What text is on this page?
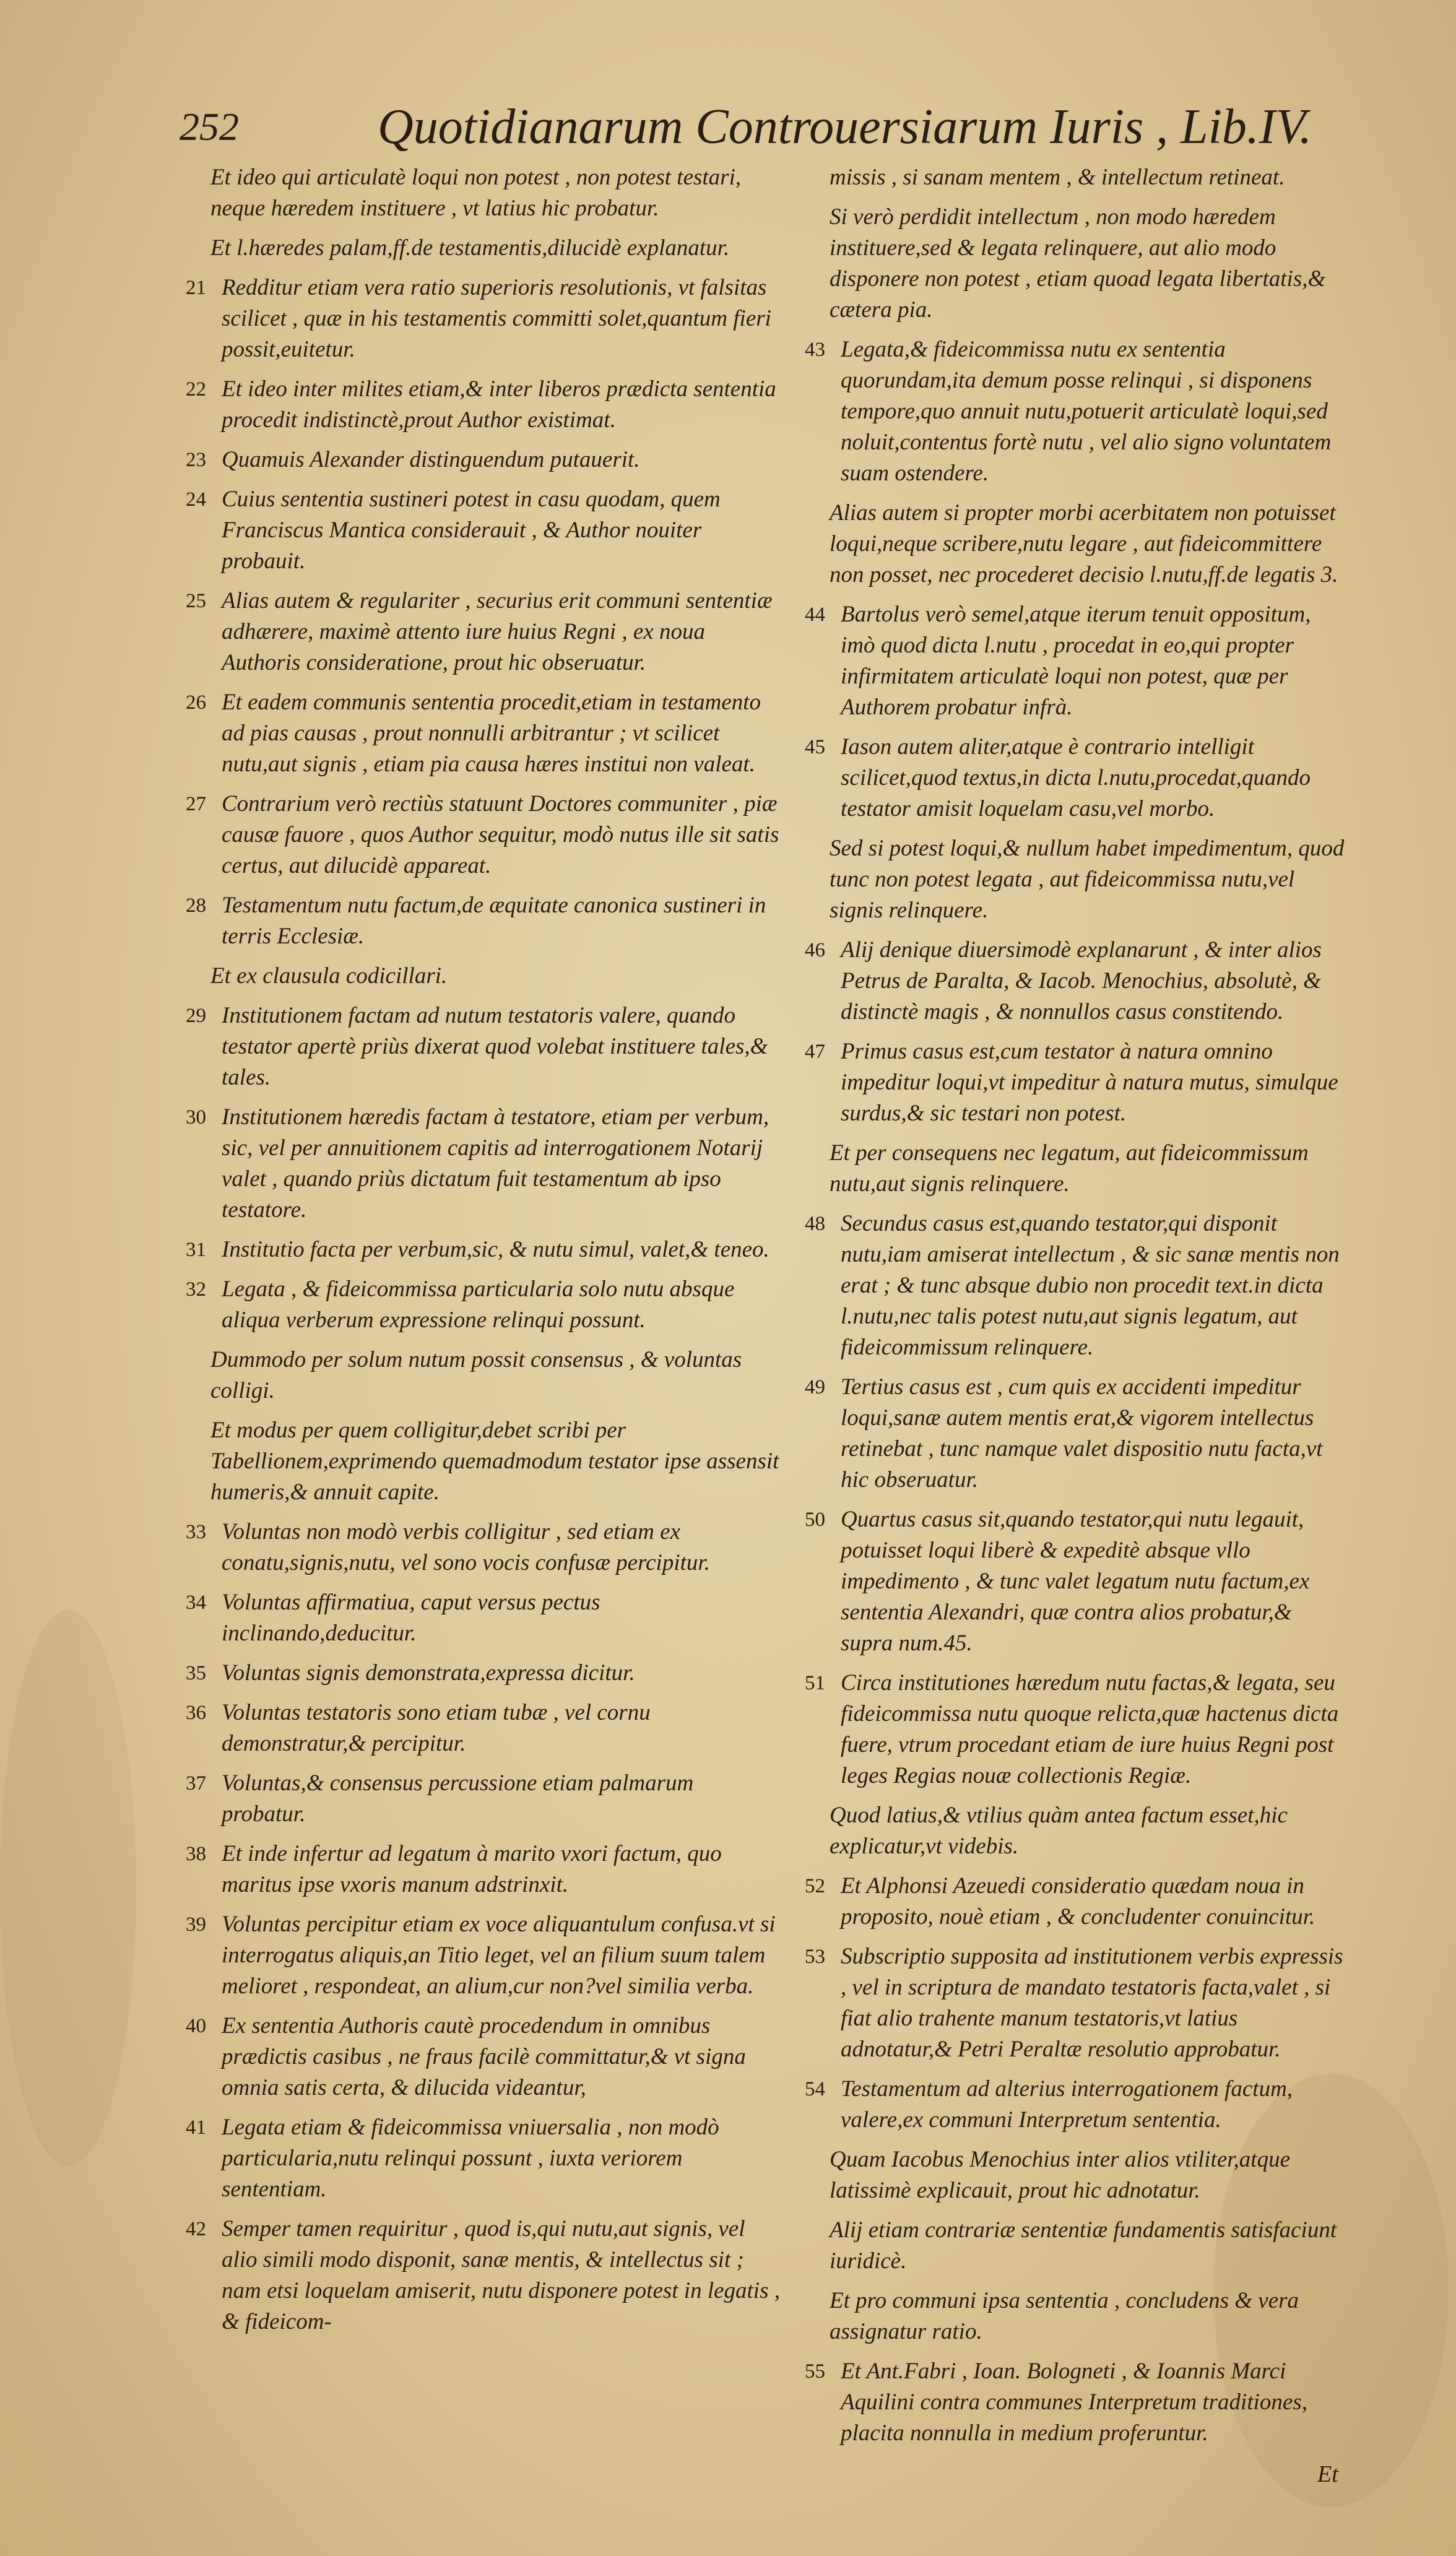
252	Quotidianarum Controuersiarum Iuris , Lib.IV.
Et ideo qui articulatè loqui non potest , non potest testari, neque hæredem instituere , vt latius hic probatur.
Et l.hæredes palam,ff.de testamentis,dilucidè explanatur.
21 Redditur etiam vera ratio superioris resolutionis, vt falsitas scilicet , quæ in his testamentis committi solet,quantum fieri possit,euitetur.
22 Et ideo inter milites etiam,& inter liberos prædicta sententia procedit indistinctè,prout Author existimat.
23 Quamuis Alexander distinguendum putauerit.
24 Cuius sententia sustineri potest in casu quodam, quem Franciscus Mantica considerauit , & Author nouiter probauit.
25 Alias autem & regulariter , securius erit communi sententiæ adhærere, maximè attento iure huius Regni , ex noua Authoris consideratione, prout hic obseruatur.
26 Et eadem communis sententia procedit,etiam in testamento ad pias causas , prout nonnulli arbitrantur ; vt scilicet nutu,aut signis , etiam pia causa hæres institui non valeat.
27 Contrarium verò rectiùs statuunt Doctores communiter , piæ causæ fauore , quos Author sequitur, modò nutus ille sit satis certus, aut dilucidè appareat.
28 Testamentum nutu factum,de æquitate canonica sustineri in terris Ecclesiæ.
Et ex clausula codicillari.
29 Institutionem factam ad nutum testatoris valere, quando testator apertè priùs dixerat quod volebat instituere tales,& tales.
30 Institutionem hæredis factam à testatore, etiam per verbum, sic, vel per annuitionem capitis ad interrogationem Notarij valet , quando priùs dictatum fuit testamentum ab ipso testatore.
31 Institutio facta per verbum,sic, & nutu simul, valet,& teneo.
32 Legata , & fideicommissa particularia solo nutu absque aliqua verberum expressione relinqui possunt.
Dummodo per solum nutum possit consensus , & voluntas colligi.
Et modus per quem colligitur,debet scribi per Tabellionem,exprimendo quemadmodum testator ipse assensit humeris,& annuit capite.
33 Voluntas non modò verbis colligitur , sed etiam ex conatu,signis,nutu, vel sono vocis confusæ percipitur.
34 Voluntas affirmatiua, caput versus pectus inclinando,deducitur.
35 Voluntas signis demonstrata,expressa dicitur.
36 Voluntas testatoris sono etiam tubæ , vel cornu demonstratur,& percipitur.
37 Voluntas,& consensus percussione etiam palmarum probatur.
38 Et inde infertur ad legatum à marito vxori factum, quo maritus ipse vxoris manum adstrinxit.
39 Voluntas percipitur etiam ex voce aliquantulum confusa.vt si interrogatus aliquis,an Titio leget, vel an filium suum talem melioret , respondeat, an alium,cur non?vel similia verba.
40 Ex sententia Authoris cautè procedendum in omnibus prædictis casibus , ne fraus facilè committatur,& vt signa omnia satis certa, & dilucida videantur,
41 Legata etiam & fideicommissa vniuersalia , non modò particularia,nutu relinqui possunt , iuxta veriorem sententiam.
42 Semper tamen requiritur , quod is,qui nutu,aut signis, vel alio simili modo disponit, sanæ mentis, & intellectus sit ; nam etsi loquelam amiserit, nutu disponere potest in legatis , & fideicom-
missis , si sanam mentem , & intellectum retineat.
Si verò perdidit intellectum , non modo hæredem instituere,sed & legata relinquere, aut alio modo disponere non potest , etiam quoad legata libertatis,& cætera pia.
43 Legata,& fideicommissa nutu ex sententia quorundam,ita demum posse relinqui , si disponens tempore,quo annuit nutu,potuerit articulatè loqui,sed noluit,contentus fortè nutu , vel alio signo voluntatem suam ostendere.
Alias autem si propter morbi acerbitatem non potuisset loqui,neque scribere,nutu legare , aut fideicommittere non posset, nec procederet decisio l.nutu,ff.de legatis 3.
44 Bartolus verò semel,atque iterum tenuit oppositum, imò quod dicta l.nutu , procedat in eo,qui propter infirmitatem articulatè loqui non potest, quæ per Authorem probatur infrà.
45 Iason autem aliter,atque è contrario intelligit scilicet,quod textus,in dicta l.nutu,procedat,quando testator amisit loquelam casu,vel morbo.
Sed si potest loqui,& nullum habet impedimentum, quod tunc non potest legata , aut fideicommissa nutu,vel signis relinquere.
46 Alij denique diuersimodè explanarunt , & inter alios Petrus de Paralta, & Iacob. Menochius, absolutè, & distinctè magis , & nonnullos casus constitendo.
47 Primus casus est,cum testator à natura omnino impeditur loqui,vt impeditur à natura mutus, simulque surdus,& sic testari non potest.
Et per consequens nec legatum, aut fideicommissum nutu,aut signis relinquere.
48 Secundus casus est,quando testator,qui disponit nutu,iam amiserat intellectum , & sic sanæ mentis non erat ; & tunc absque dubio non procedit text.in dicta l.nutu,nec talis potest nutu,aut signis legatum, aut fideicommissum relinquere.
49 Tertius casus est , cum quis ex accidenti impeditur loqui,sanæ autem mentis erat,& vigorem intellectus retinebat , tunc namque valet dispositio nutu facta,vt hic obseruatur.
50 Quartus casus sit,quando testator,qui nutu legauit, potuisset loqui liberè & expeditè absque vllo impedimento , & tunc valet legatum nutu factum,ex sententia Alexandri, quæ contra alios probatur,& supra num.45.
51 Circa institutiones hæredum nutu factas,& legata, seu fideicommissa nutu quoque relicta,quæ hactenus dicta fuere, vtrum procedant etiam de iure huius Regni post leges Regias nouæ collectionis Regiæ.
Quod latius,& vtilius quàm antea factum esset,hic explicatur,vt videbis.
52 Et Alphonsi Azeuedi consideratio quædam noua in proposito, nouè etiam , & concludenter conuincitur.
53 Subscriptio supposita ad institutionem verbis expressis , vel in scriptura de mandato testatoris facta,valet , si fiat alio trahente manum testatoris,vt latius adnotatur,& Petri Peraltæ resolutio approbatur.
54 Testamentum ad alterius interrogationem factum, valere,ex communi Interpretum sententia.
Quam Iacobus Menochius inter alios vtiliter,atque latissimè explicauit, prout hic adnotatur.
Alij etiam contrariæ sententiæ fundamentis satisfaciunt iuridicè.
Et pro communi ipsa sententia , concludens & vera assignatur ratio.
55 Et Ant.Fabri , Ioan. Bologneti , & Ioannis Marci Aquilini contra communes Interpretum traditiones, placita nonnulla in medium proferuntur.
Et
